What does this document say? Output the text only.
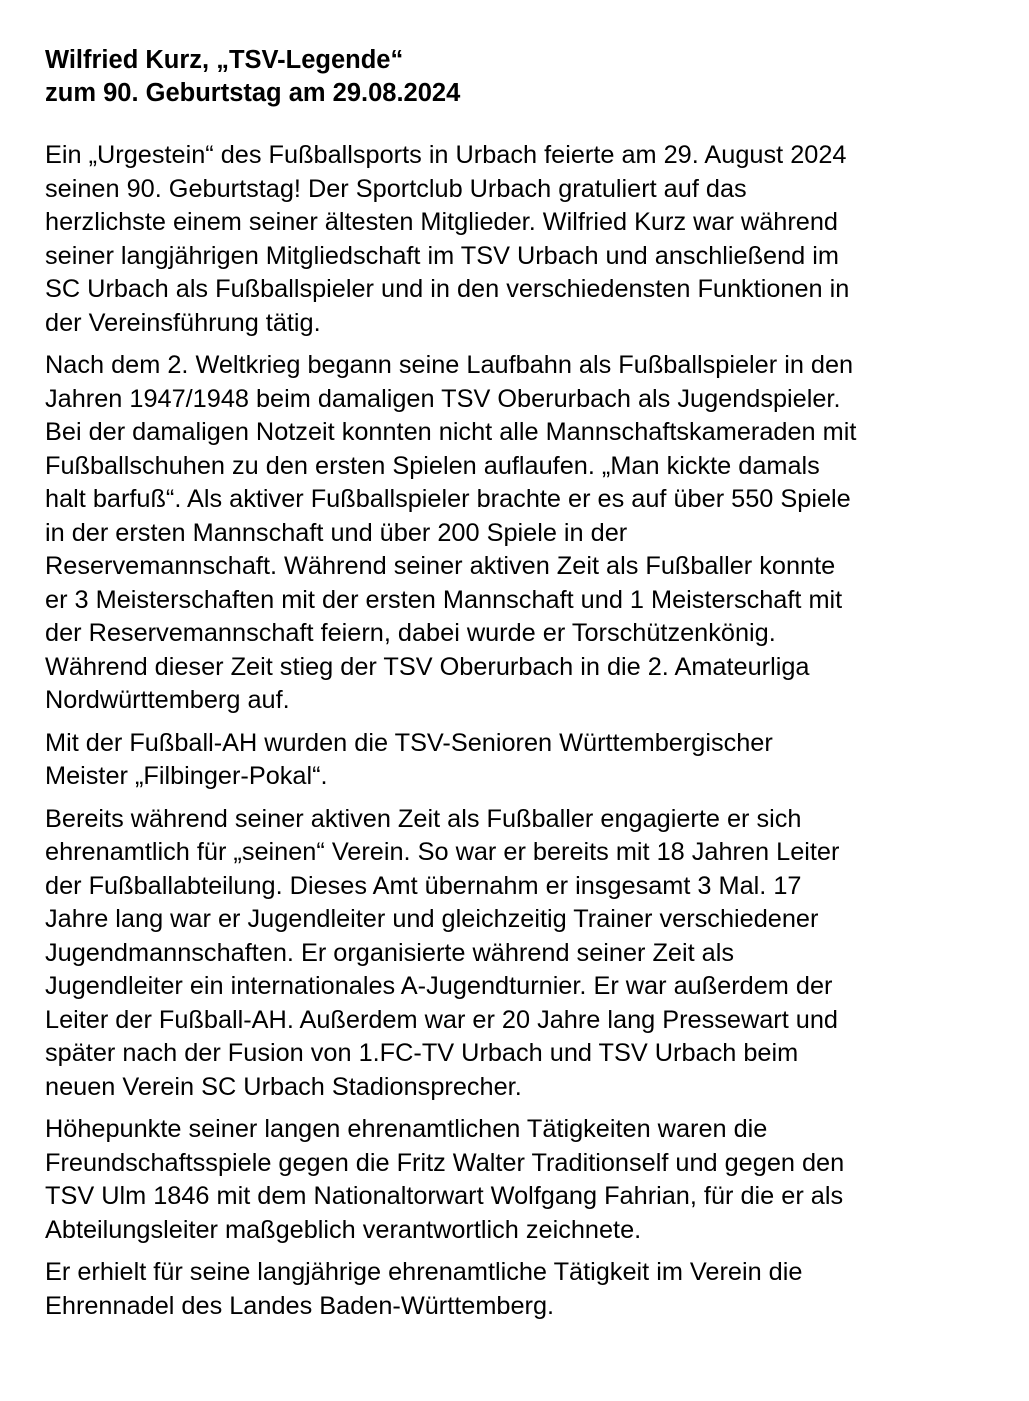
Wilfried Kurz, „TSV-Legende“
zum 90. Geburtstag am 29.08.2024
Ein „Urgestein“ des Fußballsports in Urbach feierte am 29. August 2024
seinen 90. Geburtstag! Der Sportclub Urbach gratuliert auf das
herzlichste einem seiner ältesten Mitglieder. Wilfried Kurz war während
seiner langjährigen Mitgliedschaft im TSV Urbach und anschließend im
SC Urbach als Fußballspieler und in den verschiedensten Funktionen in
der Vereinsführung tätig.
Nach dem 2. Weltkrieg begann seine Laufbahn als Fußballspieler in den
Jahren 1947/1948 beim damaligen TSV Oberurbach als Jugendspieler.
Bei der damaligen Notzeit konnten nicht alle Mannschaftskameraden mit
Fußballschuhen zu den ersten Spielen auflaufen. „Man kickte damals
halt barfuß“. Als aktiver Fußballspieler brachte er es auf über 550 Spiele
in der ersten Mannschaft und über 200 Spiele in der
Reservemannschaft. Während seiner aktiven Zeit als Fußballer konnte
er 3 Meisterschaften mit der ersten Mannschaft und 1 Meisterschaft mit
der Reservemannschaft feiern, dabei wurde er Torschützenkönig.
Während dieser Zeit stieg der TSV Oberurbach in die 2. Amateurliga
Nordwürttemberg auf.
Mit der Fußball-AH wurden die TSV-Senioren Württembergischer
Meister „Filbinger-Pokal“.
Bereits während seiner aktiven Zeit als Fußballer engagierte er sich
ehrenamtlich für „seinen“ Verein. So war er bereits mit 18 Jahren Leiter
der Fußballabteilung. Dieses Amt übernahm er insgesamt 3 Mal. 17
Jahre lang war er Jugendleiter und gleichzeitig Trainer verschiedener
Jugendmannschaften. Er organisierte während seiner Zeit als
Jugendleiter ein internationales A-Jugendturnier. Er war außerdem der
Leiter der Fußball-AH. Außerdem war er 20 Jahre lang Pressewart und
später nach der Fusion von 1.FC-TV Urbach und TSV Urbach beim
neuen Verein SC Urbach Stadionsprecher.
Höhepunkte seiner langen ehrenamtlichen Tätigkeiten waren die
Freundschaftsspiele gegen die Fritz Walter Traditionself und gegen den
TSV Ulm 1846 mit dem Nationaltorwart Wolfgang Fahrian, für die er als
Abteilungsleiter maßgeblich verantwortlich zeichnete.
Er erhielt für seine langjährige ehrenamtliche Tätigkeit im Verein die
Ehrennadel des Landes Baden-Württemberg.
